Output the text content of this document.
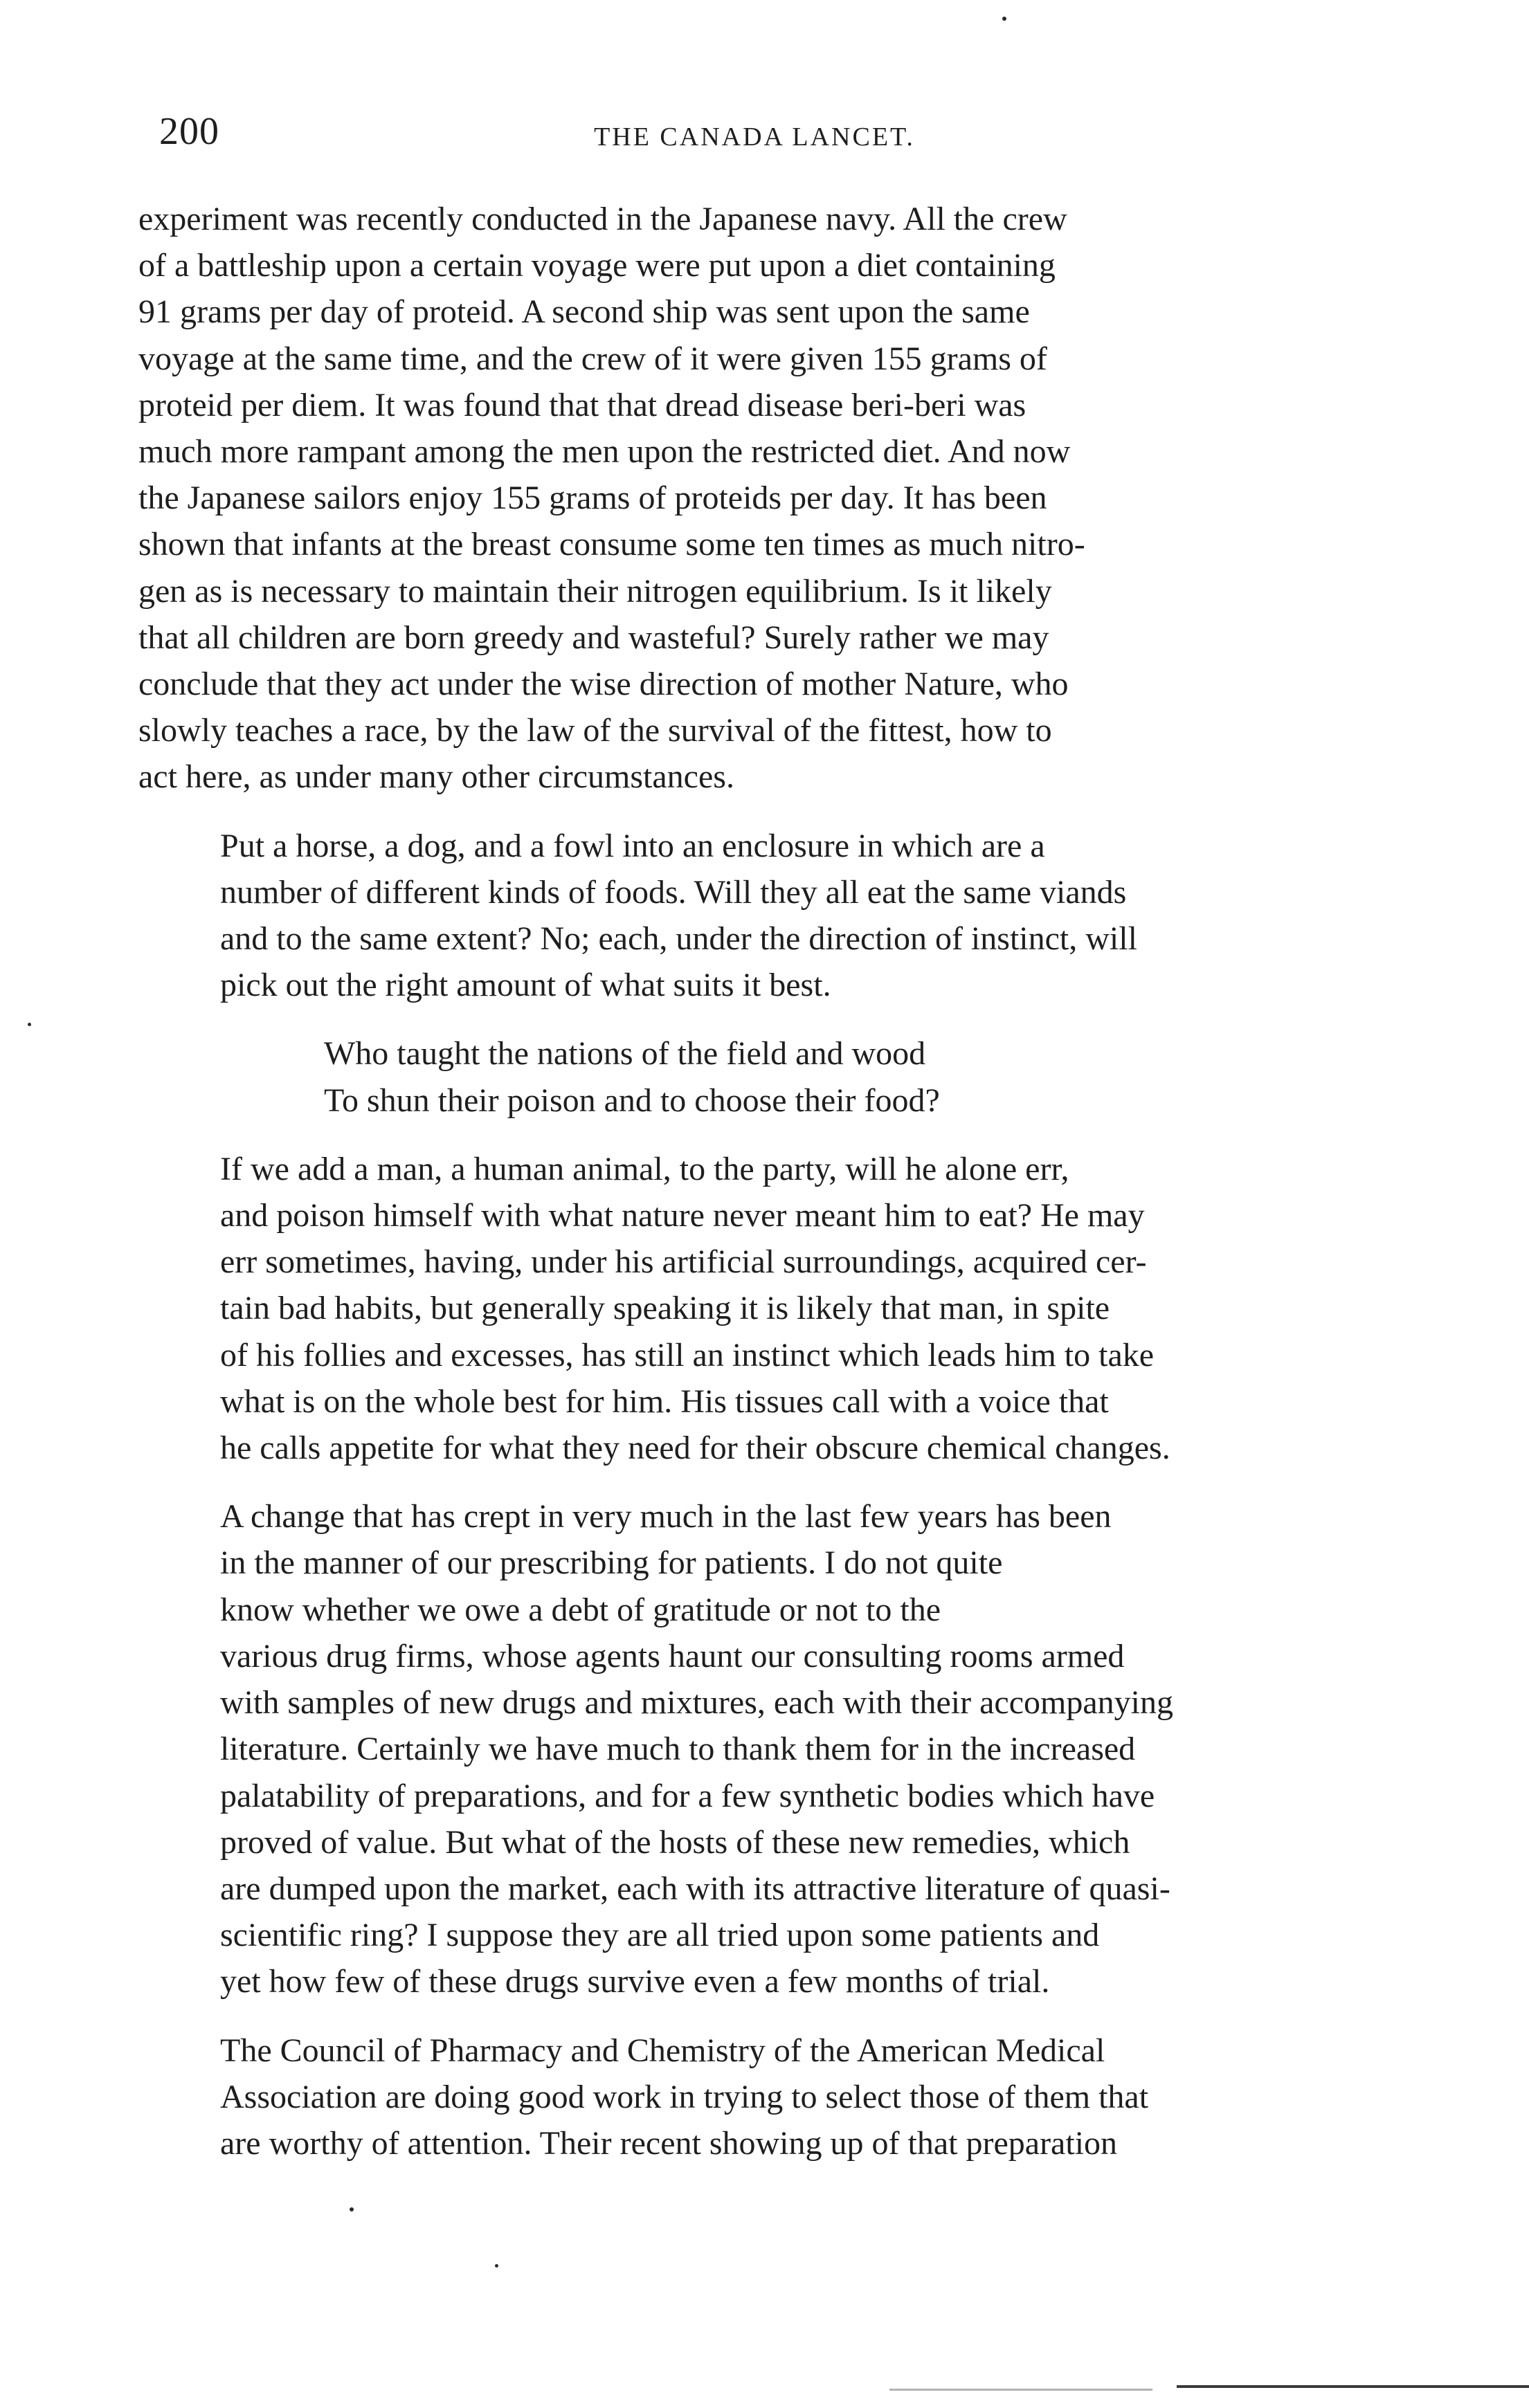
200	THE CANADA LANCET.
experiment was recently conducted in the Japanese navy. All the crew
of a battleship upon a certain voyage were put upon a diet containing
91 grams per day of proteid. A second ship was sent upon the same
voyage at the same time, and the crew of it were given 155 grams of
proteid per diem. It was found that that dread disease beri-beri was
much more rampant among the men upon the restricted diet. And now
the Japanese sailors enjoy 155 grams of proteids per day. It has been
shown that infants at the breast consume some ten times as much nitro-
gen as is necessary to maintain their nitrogen equilibrium. Is it likely
that all children are born greedy and wasteful? Surely rather we may
conclude that they act under the wise direction of mother Nature, who
slowly teaches a race, by the law of the survival of the fittest, how to
act here, as under many other circumstances.
Put a horse, a dog, and a fowl into an enclosure in which are a
number of different kinds of foods. Will they all eat the same viands
and to the same extent? No; each, under the direction of instinct, will
pick out the right amount of what suits it best.
Who taught the nations of the field and wood
To shun their poison and to choose their food?
If we add a man, a human animal, to the party, will he alone err,
and poison himself with what nature never meant him to eat? He may
err sometimes, having, under his artificial surroundings, acquired cer-
tain bad habits, but generally speaking it is likely that man, in spite
of his follies and excesses, has still an instinct which leads him to take
what is on the whole best for him. His tissues call with a voice that
he calls appetite for what they need for their obscure chemical changes.
A change that has crept in very much in the last few years has been
in the manner of our prescribing for patients. I do not quite
know whether we owe a debt of gratitude or not to the
various drug firms, whose agents haunt our consulting rooms armed
with samples of new drugs and mixtures, each with their accompanying
literature. Certainly we have much to thank them for in the increased
palatability of preparations, and for a few synthetic bodies which have
proved of value. But what of the hosts of these new remedies, which
are dumped upon the market, each with its attractive literature of quasi-
scientific ring? I suppose they are all tried upon some patients and
yet how few of these drugs survive even a few months of trial.
The Council of Pharmacy and Chemistry of the American Medical
Association are doing good work in trying to select those of them that
are worthy of attention. Their recent showing up of that preparation
